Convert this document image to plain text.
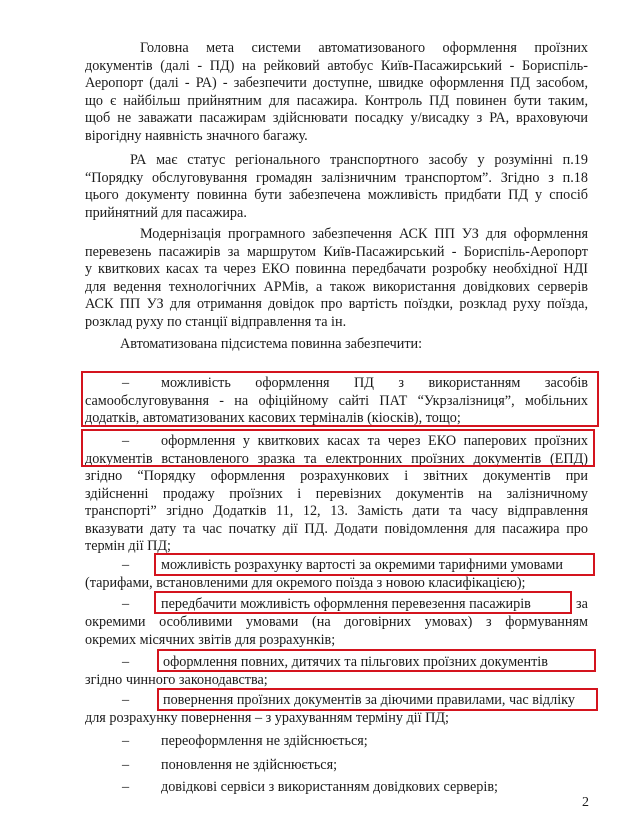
Головна мета системи автоматизованого оформлення проїзних
документів (далі - ПД) на рейковий автобус Київ-Пасажирський - Бориспіль-
Аеропорт (далі - РА) - забезпечити доступне, швидке оформлення ПД засобом,
що є найбільш прийнятним для пасажира. Контроль ПД повинен бути таким,
щоб не заважати пасажирам здійснювати посадку у/висадку з РА, враховуючи
вірогідну наявність значного багажу.
РА має статус регіонального транспортного засобу у розумінні п.19
“Порядку обслуговування громадян залізничним транспортом”. Згідно з п.18
цього документу повинна бути забезпечена можливість придбати ПД у спосіб
прийнятний для пасажира.
Модернізація програмного забезпечення АСК ПП УЗ для оформлення
перевезень пасажирів за маршрутом Київ-Пасажирський - Бориспіль-Аеропорт
у квиткових касах та через ЕКО повинна передбачати розробку необхідної НДІ
для ведення технологічних АРМів, а також використання довідкових серверів
АСК ПП УЗ для отримання довідок про вартість поїздки, розклад руху поїзда,
розклад руху по станції відправлення та ін.
Автоматизована підсистема повинна забезпечити:
–	можливість оформлення ПД з використанням засобів
самообслуговування - на офіційному сайті ПАТ “Укрзалізниця”, мобільних
додатків, автоматизованих касових терміналів (кіосків), тощо;
–	оформлення у квиткових касах та через ЕКО паперових проїзних
документів встановленого зразка та електронних проїзних документів (ЕПД)
згідно “Порядку оформлення розрахункових і звітних документів при
здійсненні продажу проїзних і перевізних документів на залізничному
транспорті” згідно Додатків 11, 12, 13. Замість дати та часу відправлення
вказувати дату та час початку дії ПД. Додати повідомлення для пасажира про
термін дії ПД;
– можливість розрахунку вартості за окремими тарифними умовами
(тарифами, встановленими для окремого поїзда з новою класифікацією);
– передбачити можливість оформлення перевезення пасажирів	за
окремими особливими умовами (на договірних умовах) з формуванням
окремих місячних звітів для розрахунків;
– оформлення повних, дитячих та пільгових проїзних документів
згідно чинного законодавства;
– повернення проїзних документів за діючими правилами, час відліку
для розрахунку повернення – з урахуванням терміну дії ПД;
– переоформлення не здійснюється;
– поновлення не здійснюється;
– довідкові сервіси з використанням довідкових серверів;
2
